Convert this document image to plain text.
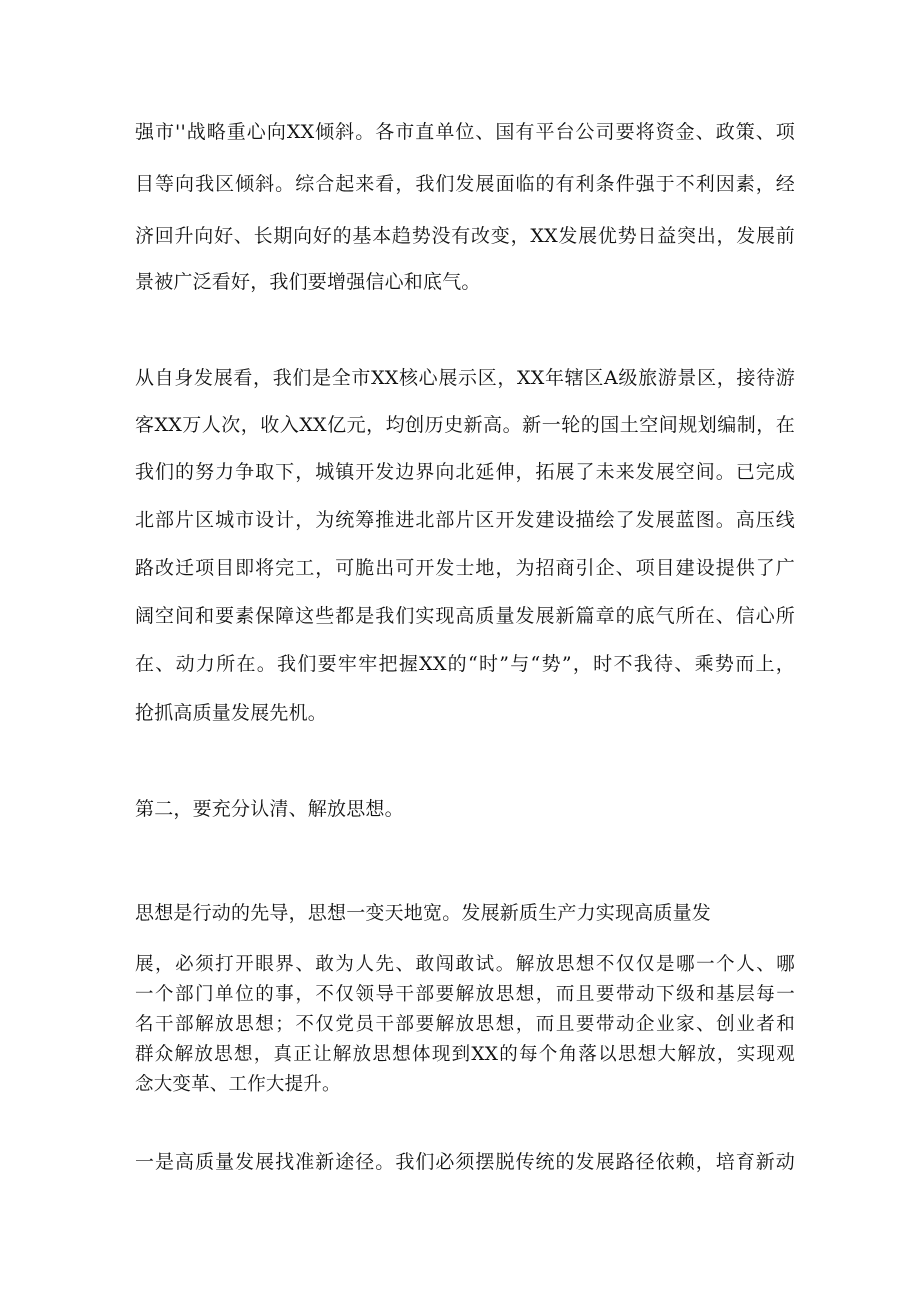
强市''战略重心向XX倾斜。各市直单位、国有平台公司要将资金、政策、项
目等向我区倾斜。综合起来看，我们发展面临的有利条件强于不利因素，经
济回升向好、长期向好的基本趋势没有改变，XX发展优势日益突出，发展前
景被广泛看好，我们要增强信心和底气。
从自身发展看，我们是全市XX核心展示区，XX年辖区A级旅游景区，接待游
客XX万人次，收入XX亿元，均创历史新高。新一轮的国土空间规划编制，在
我们的努力争取下，城镇开发边界向北延伸，拓展了未来发展空间。已完成
北部片区城市设计，为统筹推进北部片区开发建设描绘了发展蓝图。高压线
路改迁项目即将完工，可脆出可开发士地，为招商引企、项目建设提供了广
阔空间和要素保障这些都是我们实现高质量发展新篇章的底气所在、信心所
在、动力所在。我们要牢牢把握XX的“时”与“势”，时不我待、乘势而上，
抢抓高质量发展先机。
第二，要充分认清、解放思想。
思想是行动的先导，思想一变天地宽。发展新质生产力实现高质量发
展，必须打开眼界、敢为人先、敢闯敢试。解放思想不仅仅是哪一个人、哪
一个部门单位的事，不仅领导干部要解放思想，而且要带动下级和基层每一
名干部解放思想；不仅党员干部要解放思想，而且要带动企业家、创业者和
群众解放思想，真正让解放思想体现到XX的每个角落以思想大解放，实现观
念大变革、工作大提升。
一是高质量发展找准新途径。我们必须摆脱传统的发展路径依赖，培育新动
